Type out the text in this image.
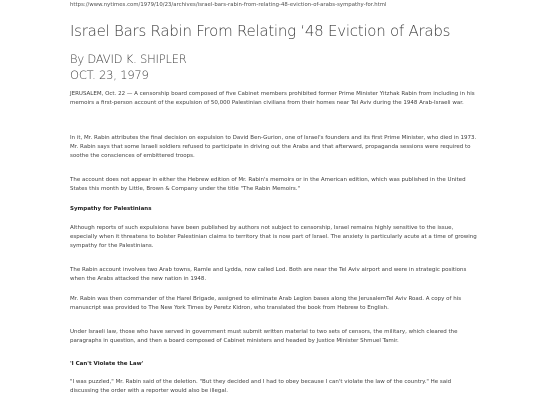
https://www.nytimes.com/1979/10/23/archives/israel-bars-rabin-from-relating-48-eviction-of-arabs-sympathy-for.html
Israel Bars Rabin From Relating ‘48 Eviction of Arabs
By DAVID K. SHIPLER
OCT. 23, 1979
JERUSALEM, Oct. 22 — A censorship board composed of five Cabinet members prohibited former Prime Minister Yitzhak Rabin from including in his memoirs a first-person account of the expulsion of 50,000 Palestinian civilians from their homes near Tel Aviv during the 1948 Arab-Israeli war.
In it, Mr. Rabin attributes the final decision on expulsion to David Ben-Gurion, one of Israel's founders and its first Prime Minister, who died in 1973. Mr. Rabin says that some Israeli soldiers refused to participate in driving out the Arabs and that afterward, propaganda sessions were required to soothe the consciences of embittered troops.
The account does not appear in either the Hebrew edition of Mr. Rabin's memoirs or in the American edition, which was published in the United States this month by Little, Brown & Company under the title "The Rabin Memoirs."
Sympathy for Palestinians
Although reports of such expulsions have been published by authors not subject to censorship, Israel remains highly sensitive to the issue, especially when it threatens to bolster Palestinian claims to territory that is now part of Israel. The anxiety is particularly acute at a time of growing sympathy for the Palestinians.
The Rabin account involves two Arab towns, Ramle and Lydda, now called Lod. Both are near the Tel Aviv airport and were in strategic positions when the Arabs attacked the new nation in 1948.
Mr. Rabin was then commander of the Harel Brigade, assigned to eliminate Arab Legion bases along the JerusalemTel Aviv Road. A copy of his manuscript was provided to The New York Times by Peretz Kidron, who translated the book from Hebrew to English.
Under Israeli law, those who have served in government must submit written material to two sets of censors, the military, which cleared the paragraphs in question, and then a board composed of Cabinet ministers and headed by Justice Minister Shmuel Tamir.
'I Can't Violate the Law'
"I was puzzled," Mr. Rabin said of the deletion. "But they decided and I had to obey because I can't violate the law of the country." He said discussing the order with a reporter would also be illegal.
